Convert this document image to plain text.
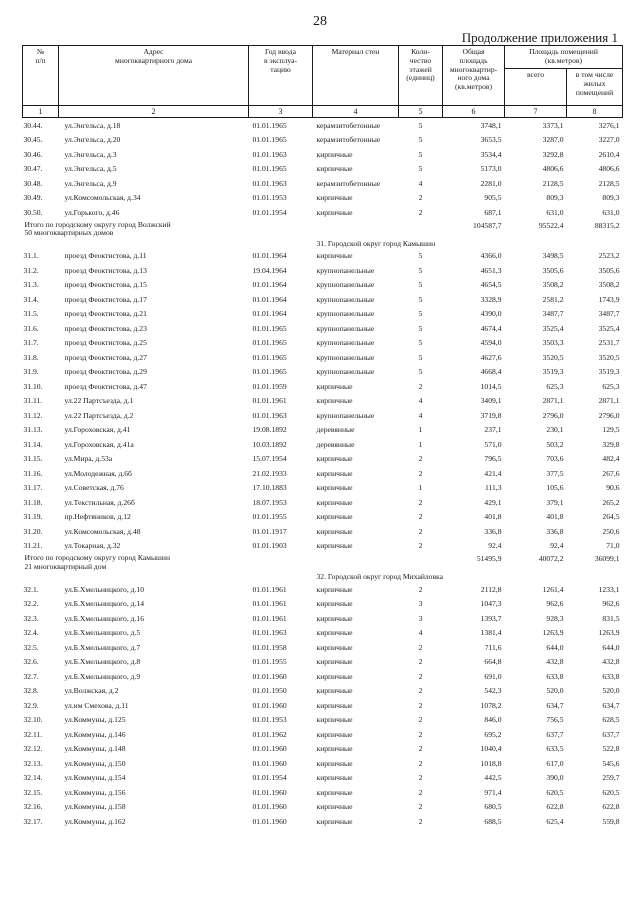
28
Продолжение приложения 1
№
п/п	Адрес
многоквартирного дома	Год ввода
в эксплуа-
тацию	Материал стен	Коли-
чество
этажей
(единиц)	Общая
площадь
многоквартир-
ного дома
(кв.метров)	Площадь помещений
(кв.метров)	
						всего	в том числе
жилых
помещений
1	2	3	4	5	6	7	8
30.44.	ул.Энгельса, д.18	01.01.1965	керамзитобетонные	5	3748,1	3373,1	3276,1
30.45.	ул.Энгельса, д.20	01.01.1965	керамзитобетонные	5	3653,5	3287,0	3227,0
30.46.	ул.Энгельса, д.3	01.01.1963	кирпичные	5	3534,4	3292,8	2610,4
30.47.	ул.Энгельса, д.5	01.01.1965	кирпичные	5	5173,0	4806,6	4806,6
30.48.	ул.Энгельса, д.9	01.01.1963	керамзитобетонные	4	2281,0	2128,5	2128,5
30.49.	ул.Комсомольская, д.34	01.01.1953	кирпичные	2	905,5	809,3	809,3
30.50.	ул.Горького, д.46	01.01.1954	кирпичные	2	687,1	631,0	631,0
Итого по городскому округу город Волжский
50 многоквартирных домов					104587,7	95522,4	88315,2
			31. Городской округ город Камышин				
31.1.	проезд Феоктистова, д.11	01.01.1964	кирпичные	5	4366,0	3498,5	2523,2
31.2.	проезд Феоктистова, д.13	19.04.1964	крупнопанельные	5	4651,3	3505,6	3505,6
31.3.	проезд Феоктистова, д.15	01.01.1964	крупнопанельные	5	4654,5	3508,2	3508,2
31.4.	проезд Феоктистова, д.17	01.01.1964	крупнопанельные	5	3328,9	2581,2	1743,9
31.5.	проезд Феоктистова, д.21	01.01.1964	крупнопанельные	5	4390,0	3487,7	3487,7
31.6.	проезд Феоктистова, д.23	01.01.1965	крупнопанельные	5	4674,4	3525,4	3525,4
31.7.	проезд Феоктистова, д.25	01.01.1965	крупнопанельные	5	4594,0	3503,3	2531,7
31.8.	проезд Феоктистова, д.27	01.01.1965	крупнопанельные	5	4627,6	3520,5	3520,5
31.9.	проезд Феоктистова, д.29	01.01.1965	крупнопанельные	5	4668,4	3519,3	3519,3
31.10.	проезд Феоктистова, д.47	01.01.1959	кирпичные	2	1014,5	625,3	625,3
31.11.	ул.22 Партсъезда, д.1	01.01.1961	кирпичные	4	3409,1	2871,1	2871,1
31.12.	ул.22 Партсъезда, д.2	01.01.1963	крупнопанельные	4	3719,8	2796,0	2796,0
31.13.	ул.Гороховская, д.41	19.08.1892	деревянные	1	237,1	230,1	129,5
31.14.	ул.Гороховская, д.41а	10.03.1892	деревянные	1	571,0	503,2	329,8
31.15.	ул.Мира, д.53а	15.07.1954	кирпичные	2	796,5	703,6	482,4
31.16.	ул.Молодежная, д.6б	21.02.1933	кирпичные	2	421,4	377,5	267,6
31.17.	ул.Советская, д.76	17.10.1883	кирпичные	1	111,3	105,6	90,6
31.18.	ул.Текстильная, д.26б	18.07.1953	кирпичные	2	429,1	379,1	265,2
31.19.	пр.Нефтяников, д.12	01.01.1955	кирпичные	2	401,8	401,8	264,5
31.20.	ул.Комсомольская, д.48	01.01.1917	кирпичные	2	336,8	336,8	250,6
31.21.	ул.Токарная, д.32	01.01.1903	кирпичные	2	92,4	92,4	71,0
Итого по городскому округу город Камышин
21 многоквартирный дом					51495,9	40072,2	36099,1
			32. Городской округ город Михайловка				
32.1.	ул.Б.Хмельницкого, д.10	01.01.1961	кирпичные	2	2112,8	1261,4	1233,1
32.2.	ул.Б.Хмельницкого, д.14	01.01.1961	кирпичные	3	1047,3	962,6	962,6
32.3.	ул.Б.Хмельницкого, д.16	01.01.1961	кирпичные	3	1393,7	928,3	831,5
32.4.	ул.Б.Хмельницкого, д.5	01.01.1963	кирпичные	4	1381,4	1263,9	1263,9
32.5.	ул.Б.Хмельницкого, д.7	01.01.1958	кирпичные	2	711,6	644,0	644,0
32.6.	ул.Б.Хмельницкого, д.8	01.01.1955	кирпичные	2	664,8	432,8	432,8
32.7.	ул.Б.Хмельницкого, д.9	01.01.1960	кирпичные	2	691,0	633,8	633,8
32.8.	ул.Волжская, д.2	01.01.1950	кирпичные	2	542,3	520,0	520,0
32.9.	ул.им Смехова, д.11	01.01.1960	кирпичные	2	1078,2	634,7	634,7
32.10.	ул.Коммуны, д.125	01.01.1953	кирпичные	2	846,0	756,5	628,5
32.11.	ул.Коммуны, д.146	01.01.1962	кирпичные	2	695,2	637,7	637,7
32.12.	ул.Коммуны, д.148	01.01.1960	кирпичные	2	1040,4	633,5	522,8
32.13.	ул.Коммуны, д.150	01.01.1960	кирпичные	2	1018,8	617,0	545,6
32.14.	ул.Коммуны, д.154	01.01.1954	кирпичные	2	442,5	390,0	259,7
32.15.	ул.Коммуны, д.156	01.01.1960	кирпичные	2	971,4	620,5	620,5
32.16.	ул.Коммуны, д.158	01.01.1960	кирпичные	2	680,5	622,8	622,8
32.17.	ул.Коммуны, д.162	01.01.1960	кирпичные	2	688,5	625,4	559,8
